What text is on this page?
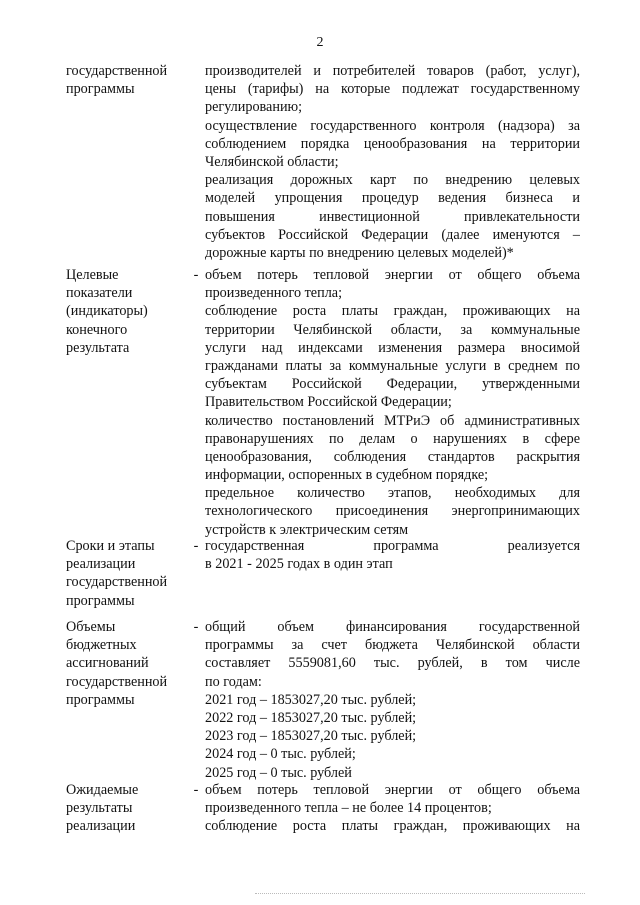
2
государственной
программы
производителей и потребителей товаров (работ, услуг),
цены (тарифы) на которые подлежат государственному
регулированию;
осуществление государственного контроля (надзора) за
соблюдением порядка ценообразования на территории
Челябинской области;
реализация дорожных карт по внедрению целевых
моделей упрощения процедур ведения бизнеса и
повышения инвестиционной привлекательности
субъектов Российской Федерации (далее именуются –
дорожные карты по внедрению целевых моделей)*
Целевые
показатели
(индикаторы)
конечного
результата
- объем потерь тепловой энергии от общего объема
произведенного тепла;
соблюдение роста платы граждан, проживающих на
территории Челябинской области, за коммунальные
услуги над индексами изменения размера вносимой
гражданами платы за коммунальные услуги в среднем по
субъектам Российской Федерации, утвержденными
Правительством Российской Федерации;
количество постановлений МТРиЭ об административных
правонарушениях по делам о нарушениях в сфере
ценообразования, соблюдения стандартов раскрытия
информации, оспоренных в судебном порядке;
предельное количество этапов, необходимых для
технологического присоединения энергопринимающих
устройств к электрическим сетям
Сроки и этапы
реализации
государственной
программы
- государственная программа реализуется
в 2021 - 2025 годах в один этап
Объемы
бюджетных
ассигнований
государственной
программы
- общий объем финансирования государственной
программы за счет бюджета Челябинской области
составляет 5559081,60 тыс. рублей, в том числе
по годам:
2021 год – 1853027,20 тыс. рублей;
2022 год – 1853027,20 тыс. рублей;
2023 год – 1853027,20 тыс. рублей;
2024 год – 0 тыс. рублей;
2025 год – 0 тыс. рублей
Ожидаемые
результаты
реализации
- объем потерь тепловой энергии от общего объема
произведенного тепла – не более 14 процентов;
соблюдение роста платы граждан, проживающих на
